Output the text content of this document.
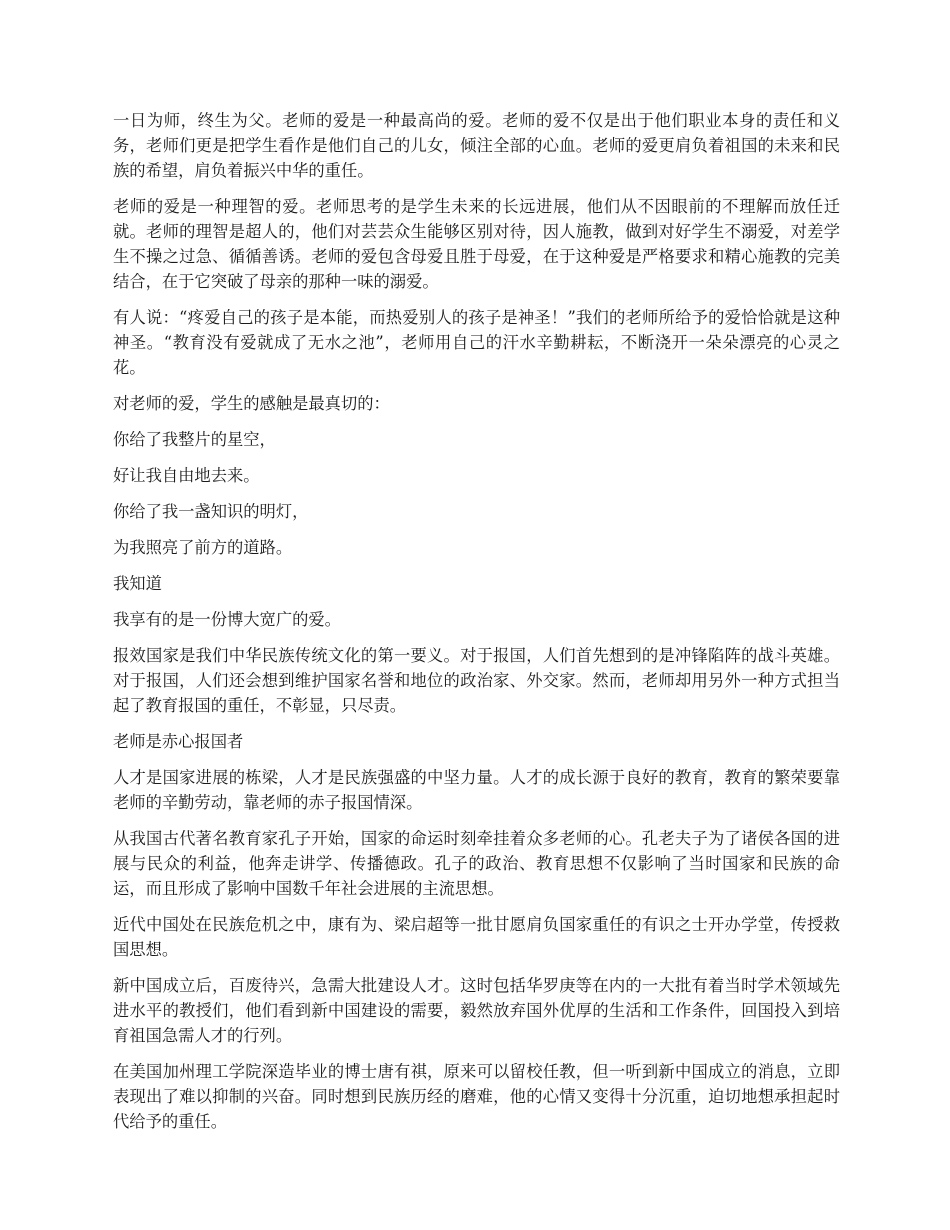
一日为师，终生为父。老师的爱是一种最高尚的爱。老师的爱不仅是出于他们职业本身的责任和义务，老师们更是把学生看作是他们自己的儿女，倾注全部的心血。老师的爱更肩负着祖国的未来和民族的希望，肩负着振兴中华的重任。

老师的爱是一种理智的爱。老师思考的是学生未来的长远进展，他们从不因眼前的不理解而放任迁就。老师的理智是超人的，他们对芸芸众生能够区别对待，因人施教，做到对好学生不溺爱，对差学生不操之过急、循循善诱。老师的爱包含母爱且胜于母爱，在于这种爱是严格要求和精心施教的完美结合，在于它突破了母亲的那种一味的溺爱。

有人说：“疼爱自己的孩子是本能，而热爱别人的孩子是神圣！”我们的老师所给予的爱恰恰就是这种神圣。“教育没有爱就成了无水之池”，老师用自己的汗水辛勤耕耘，不断浇开一朵朵漂亮的心灵之花。

对老师的爱，学生的感触是最真切的：

你给了我整片的星空，

好让我自由地去来。

你给了我一盏知识的明灯，

为我照亮了前方的道路。

我知道

我享有的是一份博大宽广的爱。

报效国家是我们中华民族传统文化的第一要义。对于报国，人们首先想到的是冲锋陷阵的战斗英雄。对于报国，人们还会想到维护国家名誉和地位的政治家、外交家。然而，老师却用另外一种方式担当起了教育报国的重任，不彰显，只尽责。

老师是赤心报国者

人才是国家进展的栋梁，人才是民族强盛的中坚力量。人才的成长源于良好的教育，教育的繁荣要靠老师的辛勤劳动，靠老师的赤子报国情深。

从我国古代著名教育家孔子开始，国家的命运时刻牵挂着众多老师的心。孔老夫子为了诸侯各国的进展与民众的利益，他奔走讲学、传播德政。孔子的政治、教育思想不仅影响了当时国家和民族的命运，而且形成了影响中国数千年社会进展的主流思想。

近代中国处在民族危机之中，康有为、梁启超等一批甘愿肩负国家重任的有识之士开办学堂，传授救国思想。

新中国成立后，百废待兴，急需大批建设人才。这时包括华罗庚等在内的一大批有着当时学术领域先进水平的教授们，他们看到新中国建设的需要，毅然放弃国外优厚的生活和工作条件，回国投入到培育祖国急需人才的行列。

在美国加州理工学院深造毕业的博士唐有祺，原来可以留校任教，但一听到新中国成立的消息，立即表现出了难以抑制的兴奋。同时想到民族历经的磨难，他的心情又变得十分沉重，迫切地想承担起时代给予的重任。
